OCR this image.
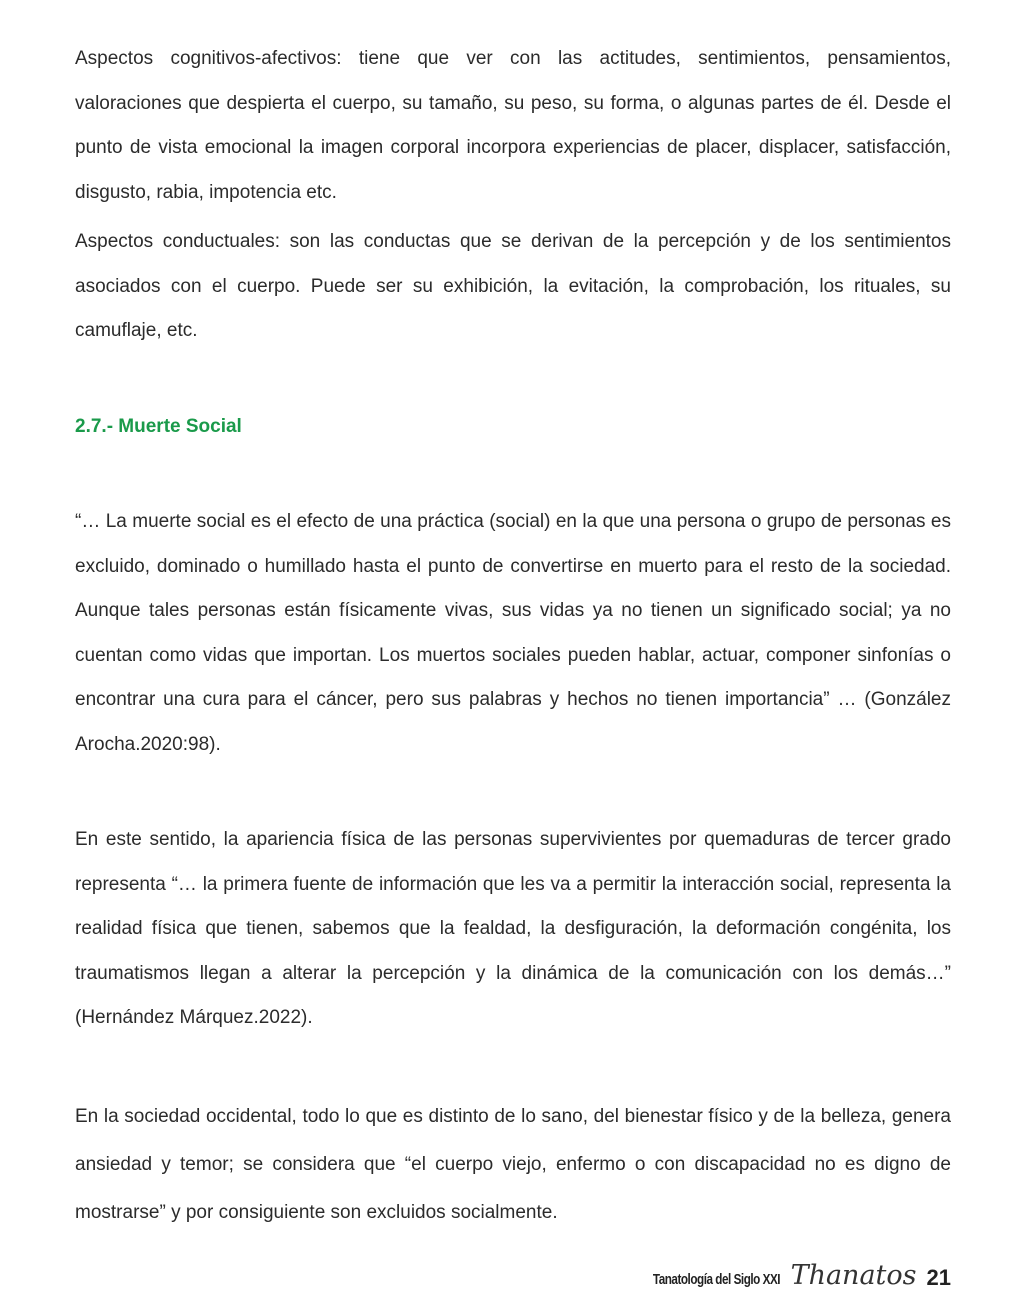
Aspectos cognitivos-afectivos: tiene que ver con las actitudes, sentimientos, pensamientos, valoraciones que despierta el cuerpo, su tamaño, su peso, su forma, o algunas partes de él. Desde el punto de vista emocional la imagen corporal incorpora experiencias de placer, displacer, satisfacción, disgusto, rabia, impotencia etc.

Aspectos conductuales: son las conductas que se derivan de la percepción y de los sentimientos asociados con el cuerpo. Puede ser su exhibición, la evitación, la comprobación, los rituales, su camuflaje, etc.

2.7.- Muerte Social

“… La muerte social es el efecto de una práctica (social) en la que una persona o grupo de personas es excluido, dominado o humillado hasta el punto de convertirse en muerto para el resto de la sociedad. Aunque tales personas están físicamente vivas, sus vidas ya no tienen un significado social; ya no cuentan como vidas que importan. Los muertos sociales pueden hablar, actuar, componer sinfonías o encontrar una cura para el cáncer, pero sus palabras y hechos no tienen importancia” … (González Arocha.2020:98).

En este sentido, la apariencia física de las personas supervivientes por quemaduras de tercer grado representa “… la primera fuente de información que les va a permitir la interacción social, representa la realidad física que tienen, sabemos que la fealdad, la desfiguración, la deformación congénita, los traumatismos llegan a alterar la percepción y la dinámica de la comunicación con los demás…” (Hernández Márquez.2022).

En la sociedad occidental, todo lo que es distinto de lo sano, del bienestar físico y de la belleza, genera ansiedad y temor; se considera que “el cuerpo viejo, enfermo o con discapacidad no es digno de mostrarse” y por consiguiente son excluidos socialmente.

Tanatología del Siglo XXI Thanatos 21
